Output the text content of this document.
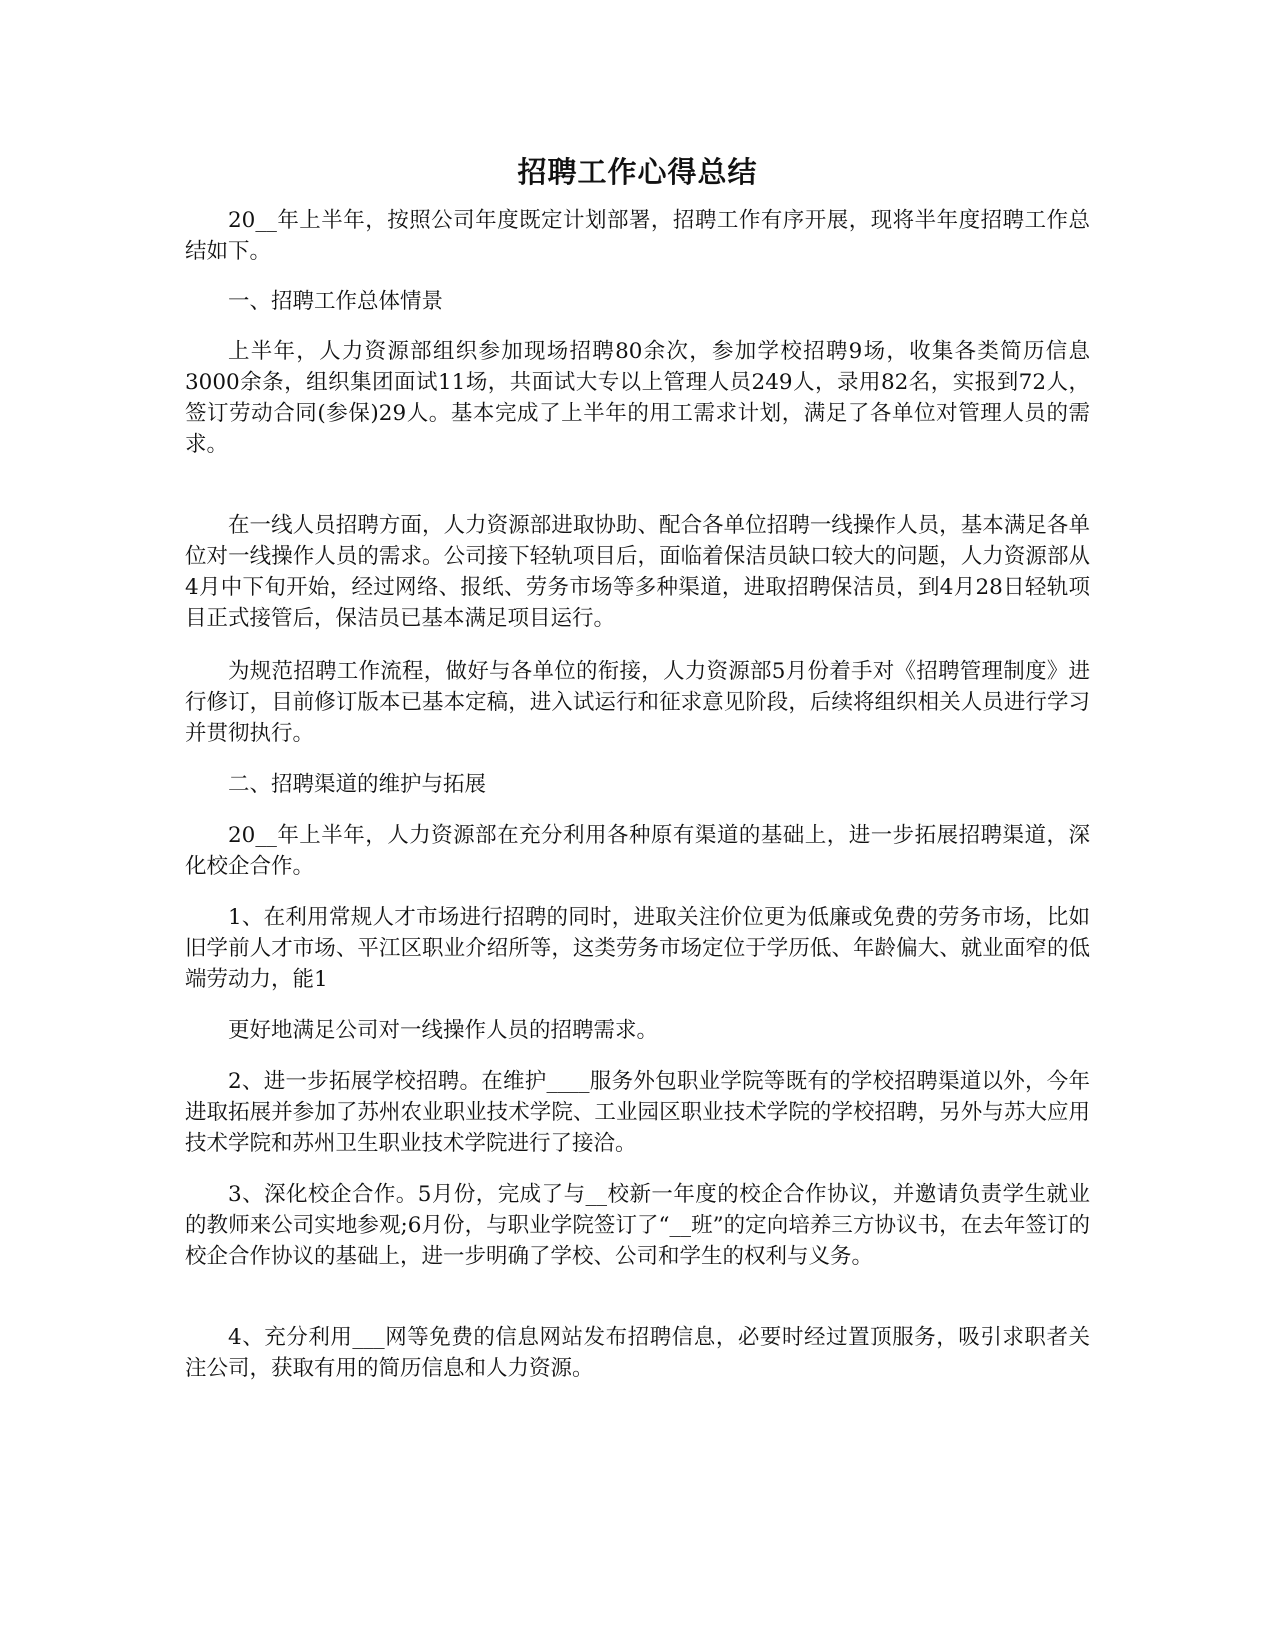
招聘工作心得总结

20__年上半年，按照公司年度既定计划部署，招聘工作有序开展，现将半年度招聘工作总结如下。

一、招聘工作总体情景

上半年，人力资源部组织参加现场招聘80余次，参加学校招聘9场，收集各类简历信息3000余条，组织集团面试11场，共面试大专以上管理人员249人，录用82名，实报到72人，签订劳动合同(参保)29人。基本完成了上半年的用工需求计划，满足了各单位对管理人员的需求。

在一线人员招聘方面，人力资源部进取协助、配合各单位招聘一线操作人员，基本满足各单位对一线操作人员的需求。公司接下轻轨项目后，面临着保洁员缺口较大的问题，人力资源部从4月中下旬开始，经过网络、报纸、劳务市场等多种渠道，进取招聘保洁员，到4月28日轻轨项目正式接管后，保洁员已基本满足项目运行。

为规范招聘工作流程，做好与各单位的衔接，人力资源部5月份着手对《招聘管理制度》进行修订，目前修订版本已基本定稿，进入试运行和征求意见阶段，后续将组织相关人员进行学习并贯彻执行。

二、招聘渠道的维护与拓展

20__年上半年，人力资源部在充分利用各种原有渠道的基础上，进一步拓展招聘渠道，深化校企合作。

1、在利用常规人才市场进行招聘的同时，进取关注价位更为低廉或免费的劳务市场，比如旧学前人才市场、平江区职业介绍所等，这类劳务市场定位于学历低、年龄偏大、就业面窄的低端劳动力，能1

更好地满足公司对一线操作人员的招聘需求。

2、进一步拓展学校招聘。在维护____服务外包职业学院等既有的学校招聘渠道以外，今年进取拓展并参加了苏州农业职业技术学院、工业园区职业技术学院的学校招聘，另外与苏大应用技术学院和苏州卫生职业技术学院进行了接洽。

3、深化校企合作。5月份，完成了与__校新一年度的校企合作协议，并邀请负责学生就业的教师来公司实地参观;6月份，与职业学院签订了“__班”的定向培养三方协议书，在去年签订的校企合作协议的基础上，进一步明确了学校、公司和学生的权利与义务。

4、充分利用___网等免费的信息网站发布招聘信息，必要时经过置顶服务，吸引求职者关注公司，获取有用的简历信息和人力资源。
